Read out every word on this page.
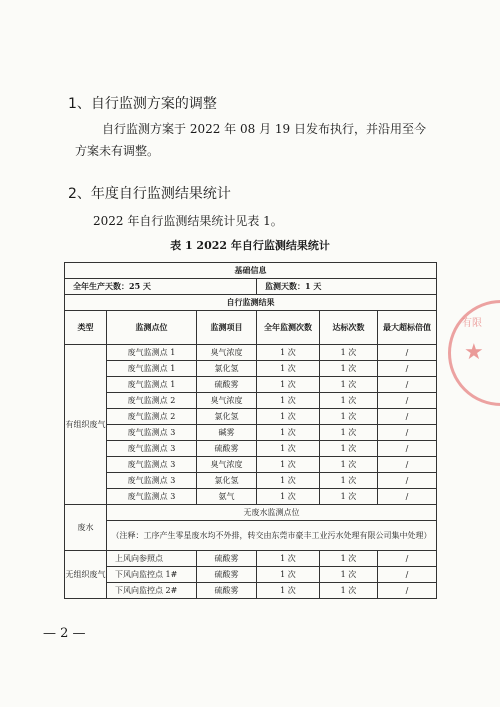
1、自行监测方案的调整
自行监测方案于 2022 年 08 月 19 日发布执行，并沿用至今
方案未有调整。
2、年度自行监测结果统计
2022 年自行监测结果统计见表 1。
表 1 2022 年自行监测结果统计
基础信息					
全年生产天数：25 天			监测天数：1 天		
自行监测结果					
类型	监测点位	监测项目	全年监测次数	达标次数	最大超标倍值
有组织废气	废气监测点 1	臭气浓度	1 次	1 次	/
	废气监测点 1	氯化氢	1 次	1 次	/
	废气监测点 1	硫酸雾	1 次	1 次	/
	废气监测点 2	臭气浓度	1 次	1 次	/
	废气监测点 2	氯化氢	1 次	1 次	/
	废气监测点 3	碱雾	1 次	1 次	/
	废气监测点 3	硫酸雾	1 次	1 次	/
	废气监测点 3	臭气浓度	1 次	1 次	/
	废气监测点 3	氯化氢	1 次	1 次	/
	废气监测点 3	氨气	1 次	1 次	/
废水	无废水监测点位				
	（注释：工序产生零星废水均不外排，转交由东莞市豪丰工业污水处理有限公司集中处理）				
无组织废气	上风向参照点	硫酸雾	1 次	1 次	/
	下风向监控点 1#	硫酸雾	1 次	1 次	/
	下风向监控点 2#	硫酸雾	1 次	1 次	/
有限
★
— 2 —
